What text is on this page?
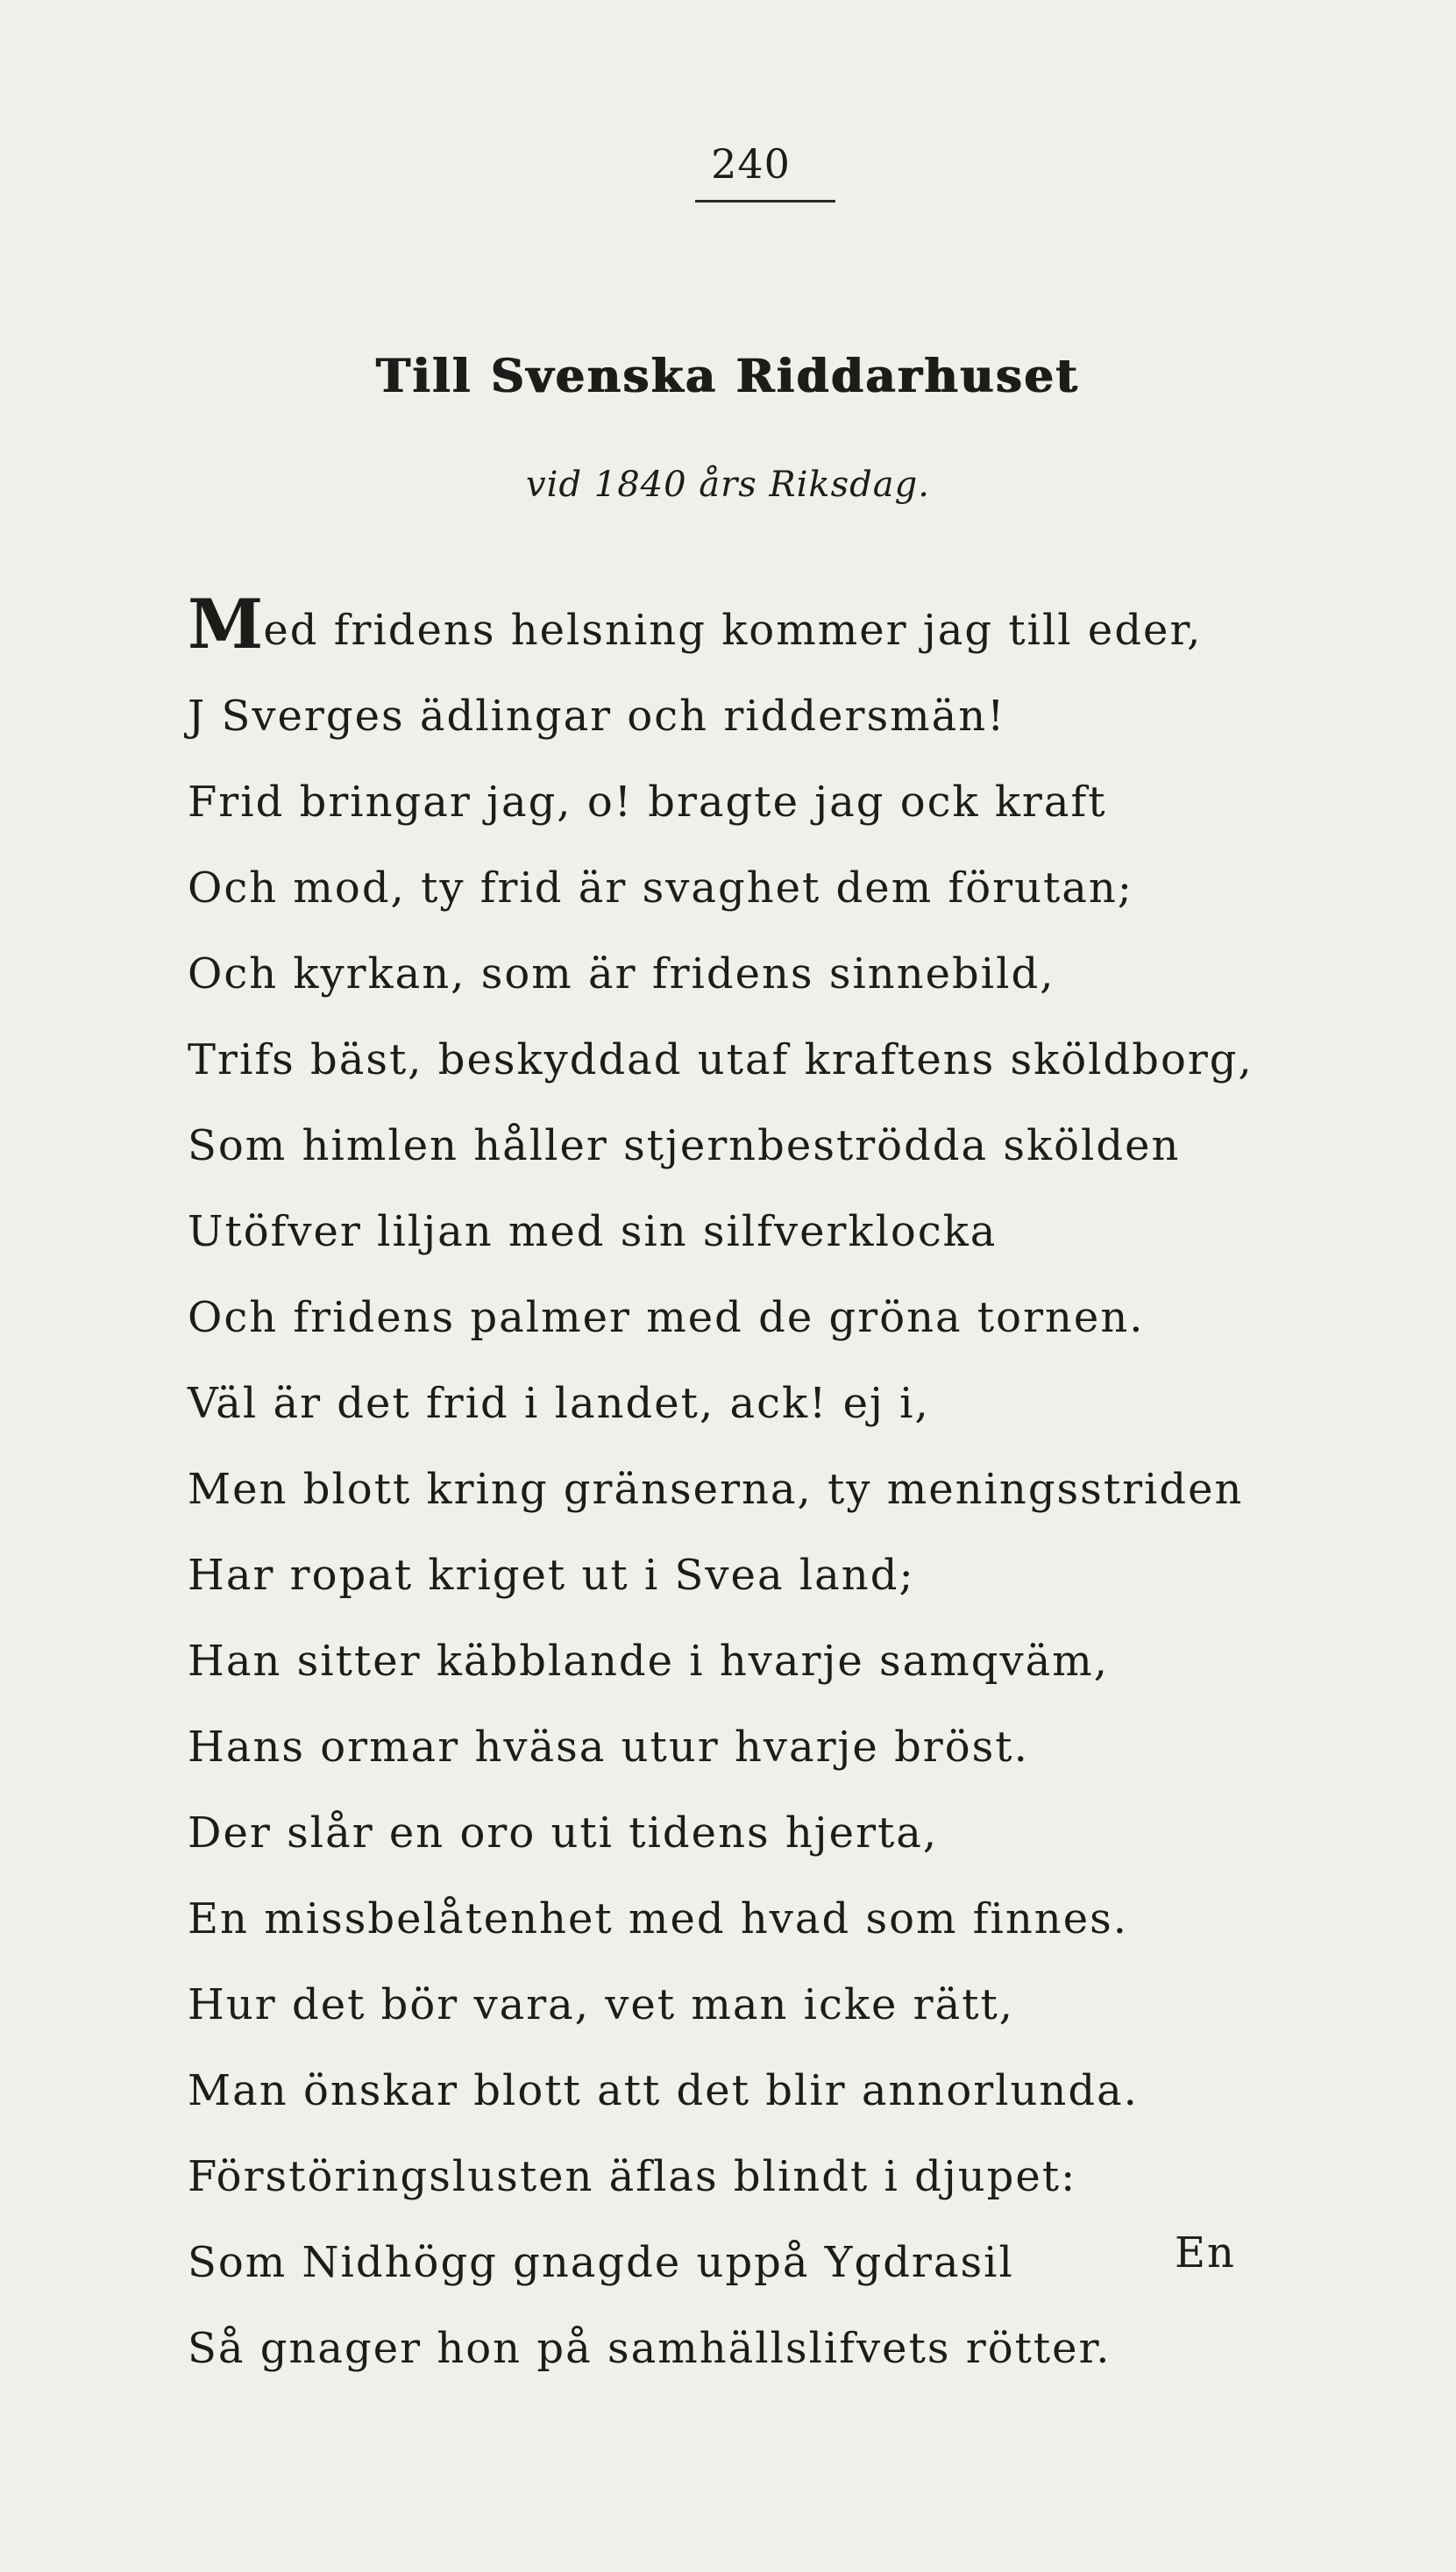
240
Till Svenska Riddarhuset
vid 1840 års Riksdag.
Med fridens helsning kommer jag till eder,
J Sverges ädlingar och riddersmän!
Frid bringar jag, o! bragte jag ock kraft
Och mod, ty frid är svaghet dem förutan;
Och kyrkan, som är fridens sinnebild,
Trifs bäst, beskyddad utaf kraftens sköldborg,
Som himlen håller stjernbeströdda skölden
Utöfver liljan med sin silfverklocka
Och fridens palmer med de gröna tornen.
Väl är det frid i landet, ack! ej i,
Men blott kring gränserna, ty meningsstriden
Har ropat kriget ut i Svea land;
Han sitter käbblande i hvarje samqväm,
Hans ormar hväsa utur hvarje bröst.
Der slår en oro uti tidens hjerta,
En missbelåtenhet med hvad som finnes.
Hur det bör vara, vet man icke rätt,
Man önskar blott att det blir annorlunda.
Förstöringslusten äflas blindt i djupet:
Som Nidhögg gnagde uppå Ygdrasil
Så gnager hon på samhällslifvets rötter.
En
